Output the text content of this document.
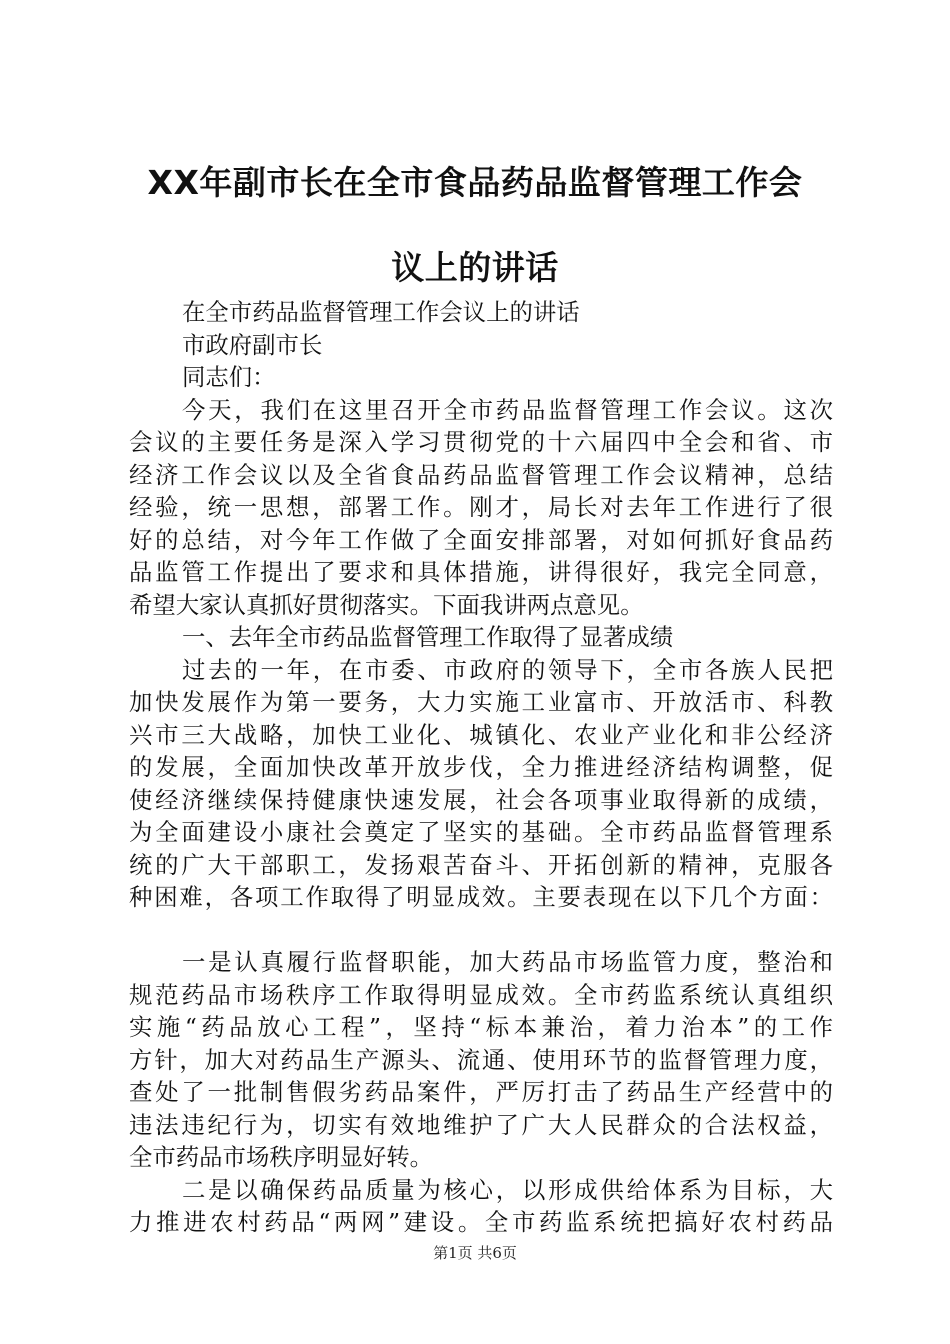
XX年副市长在全市食品药品监督管理工作会
议上的讲话
在全市药品监督管理工作会议上的讲话
市政府副市长
同志们：
今天，我们在这里召开全市药品监督管理工作会议。这次
会议的主要任务是深入学习贯彻党的十六届四中全会和省、市
经济工作会议以及全省食品药品监督管理工作会议精神，总结
经验，统一思想，部署工作。刚才，局长对去年工作进行了很
好的总结，对今年工作做了全面安排部署，对如何抓好食品药
品监管工作提出了要求和具体措施，讲得很好，我完全同意，
希望大家认真抓好贯彻落实。下面我讲两点意见。
一、去年全市药品监督管理工作取得了显著成绩
过去的一年，在市委、市政府的领导下，全市各族人民把
加快发展作为第一要务，大力实施工业富市、开放活市、科教
兴市三大战略，加快工业化、城镇化、农业产业化和非公经济
的发展，全面加快改革开放步伐，全力推进经济结构调整，促
使经济继续保持健康快速发展，社会各项事业取得新的成绩，
为全面建设小康社会奠定了坚实的基础。全市药品监督管理系
统的广大干部职工，发扬艰苦奋斗、开拓创新的精神，克服各
种困难，各项工作取得了明显成效。主要表现在以下几个方面：
一是认真履行监督职能，加大药品市场监管力度，整治和
规范药品市场秩序工作取得明显成效。全市药监系统认真组织
实施“药品放心工程”，坚持“标本兼治，着力治本”的工作
方针，加大对药品生产源头、流通、使用环节的监督管理力度，
查处了一批制售假劣药品案件，严厉打击了药品生产经营中的
违法违纪行为，切实有效地维护了广大人民群众的合法权益，
全市药品市场秩序明显好转。
二是以确保药品质量为核心，以形成供给体系为目标，大
力推进农村药品“两网”建设。全市药监系统把搞好农村药品
第1页 共6页
